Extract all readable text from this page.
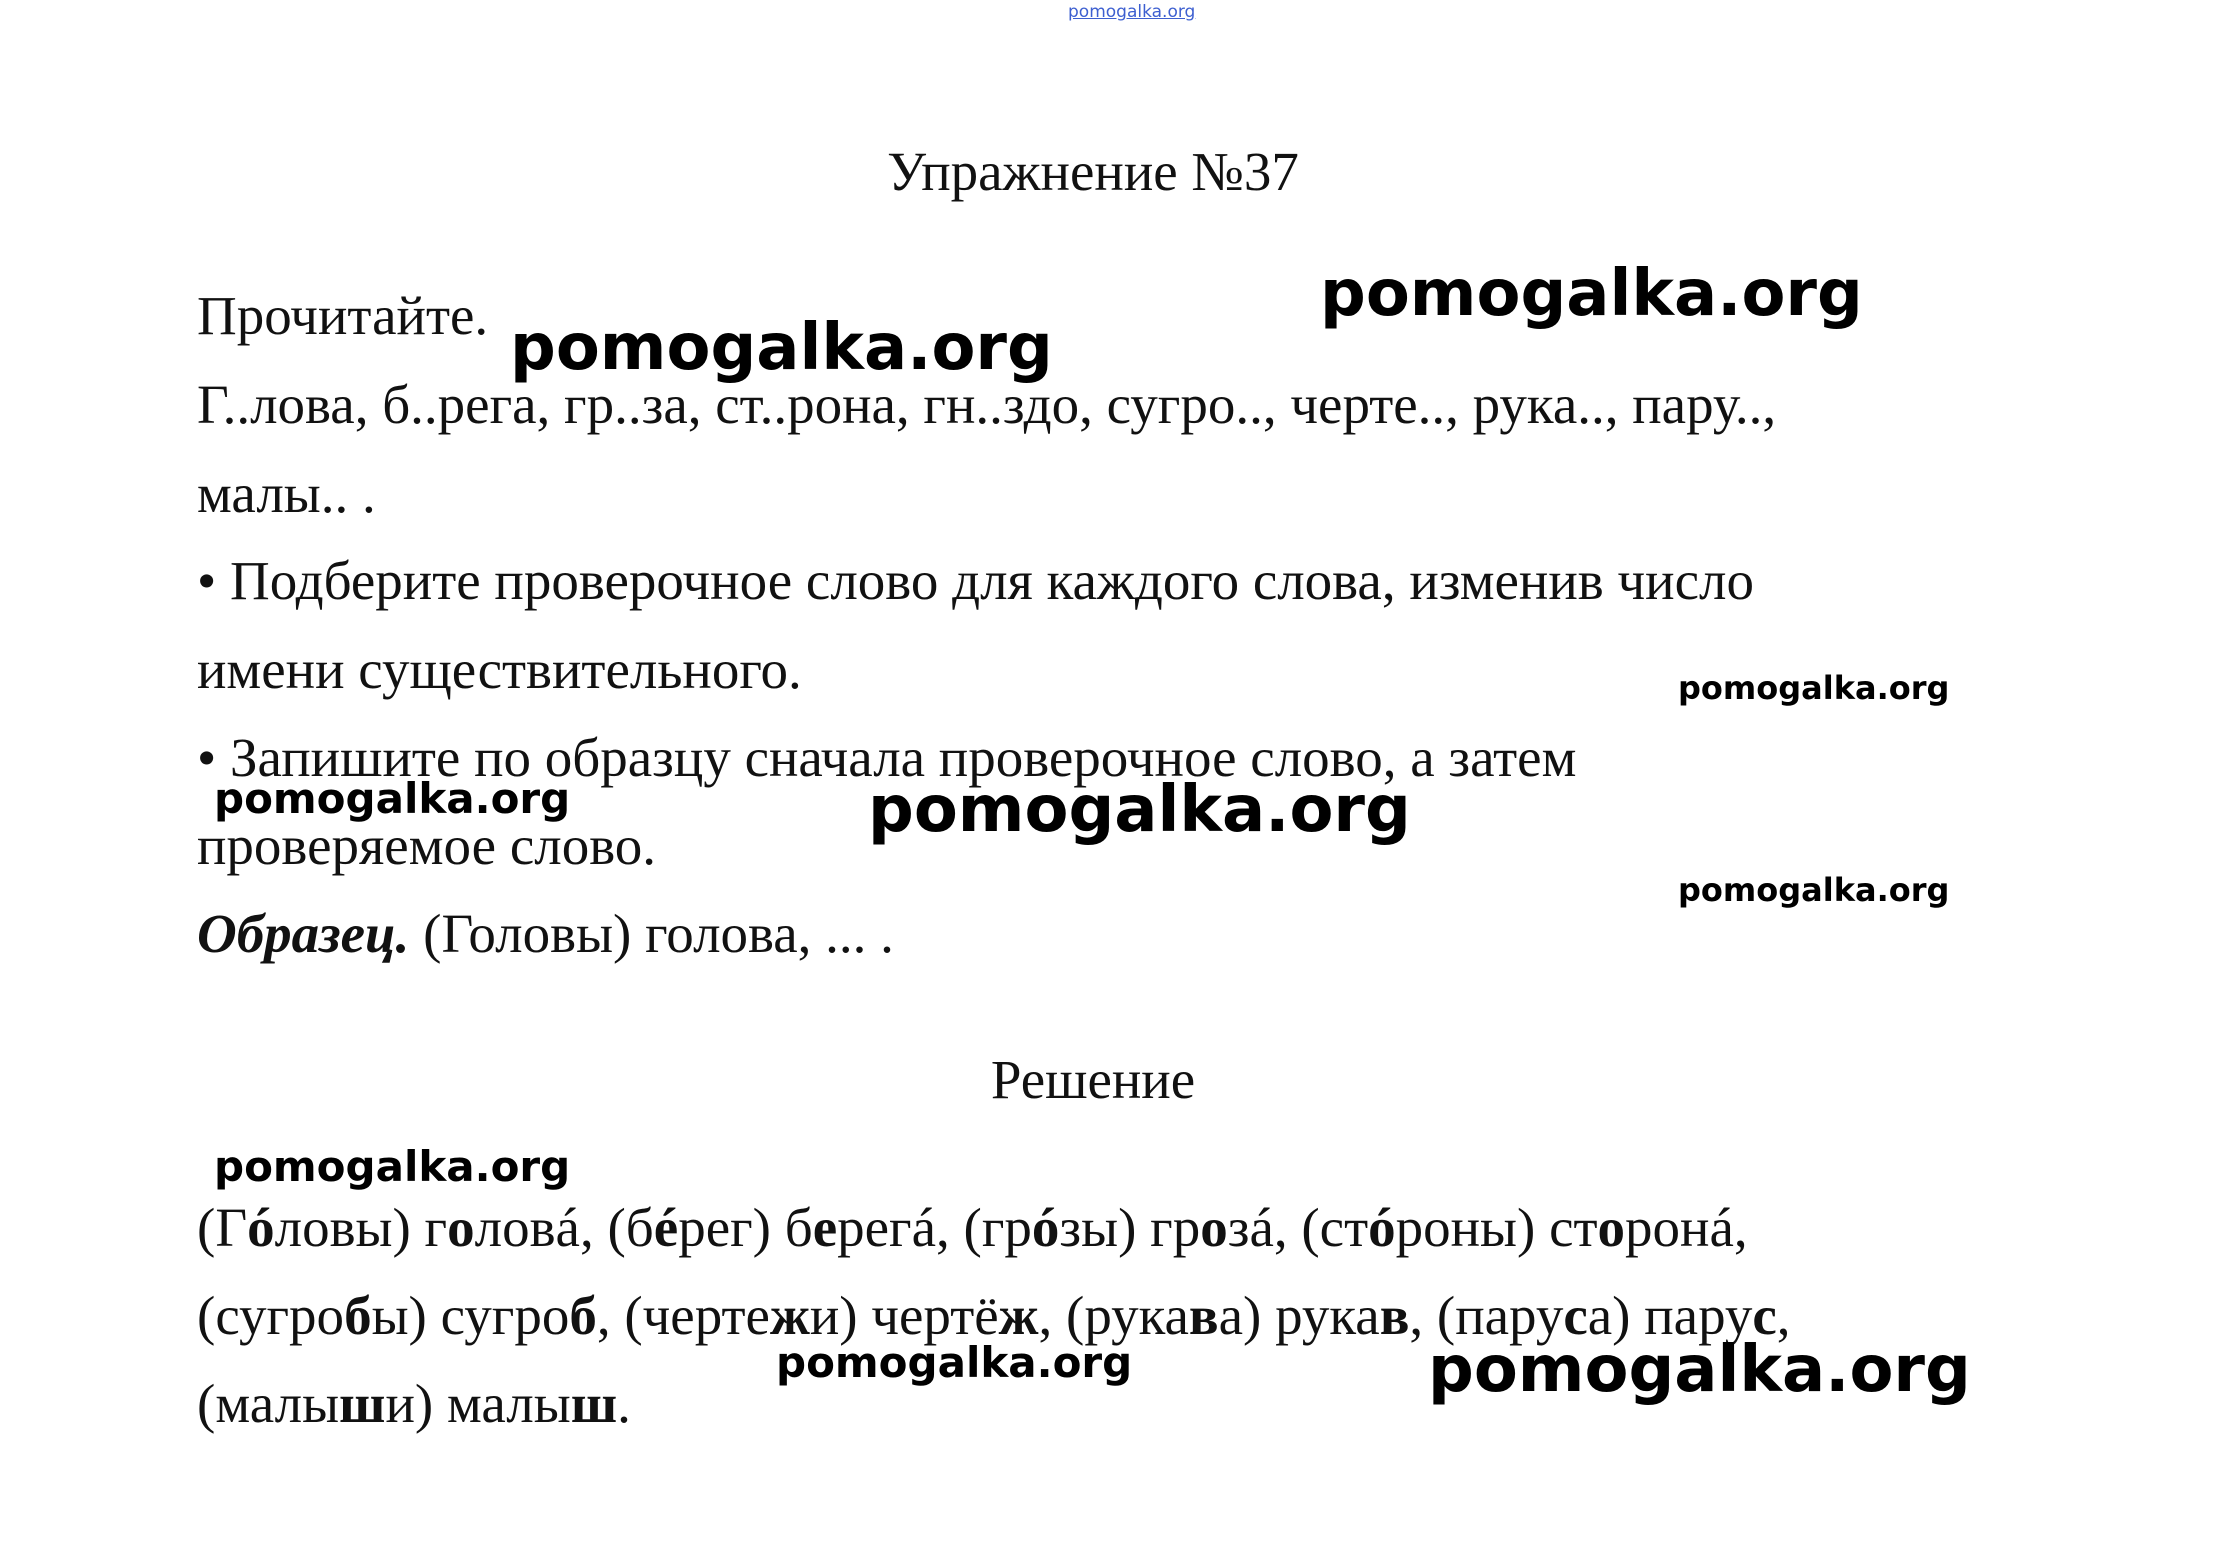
pomogalka.org
Упражнение №37
Прочитайте.
Г..лова, б..рега, гр..за, ст..рона, гн..здо, сугро.., черте.., рука.., пару..,
малы.. .
• Подберите проверочное слово для каждого слова, изменив число
имени существительного.
• Запишите по образцу сначала проверочное слово, а затем
проверяемое слово.
Образец. (Головы) голова, ... .
Решение
(Гóловы) головá, (бéрег) берегá, (грóзы) грозá, (стóроны) сторонá,
(сугробы) сугроб, (чертежи) чертёж, (рукава) рукав, (паруса) парус,
(малыши) малыш.
pomogalka.org
pomogalka.org
pomogalka.org
pomogalka.org	pomogalka.org
pomogalka.org
pomogalka.org
pomogalka.org	pomogalka.org
